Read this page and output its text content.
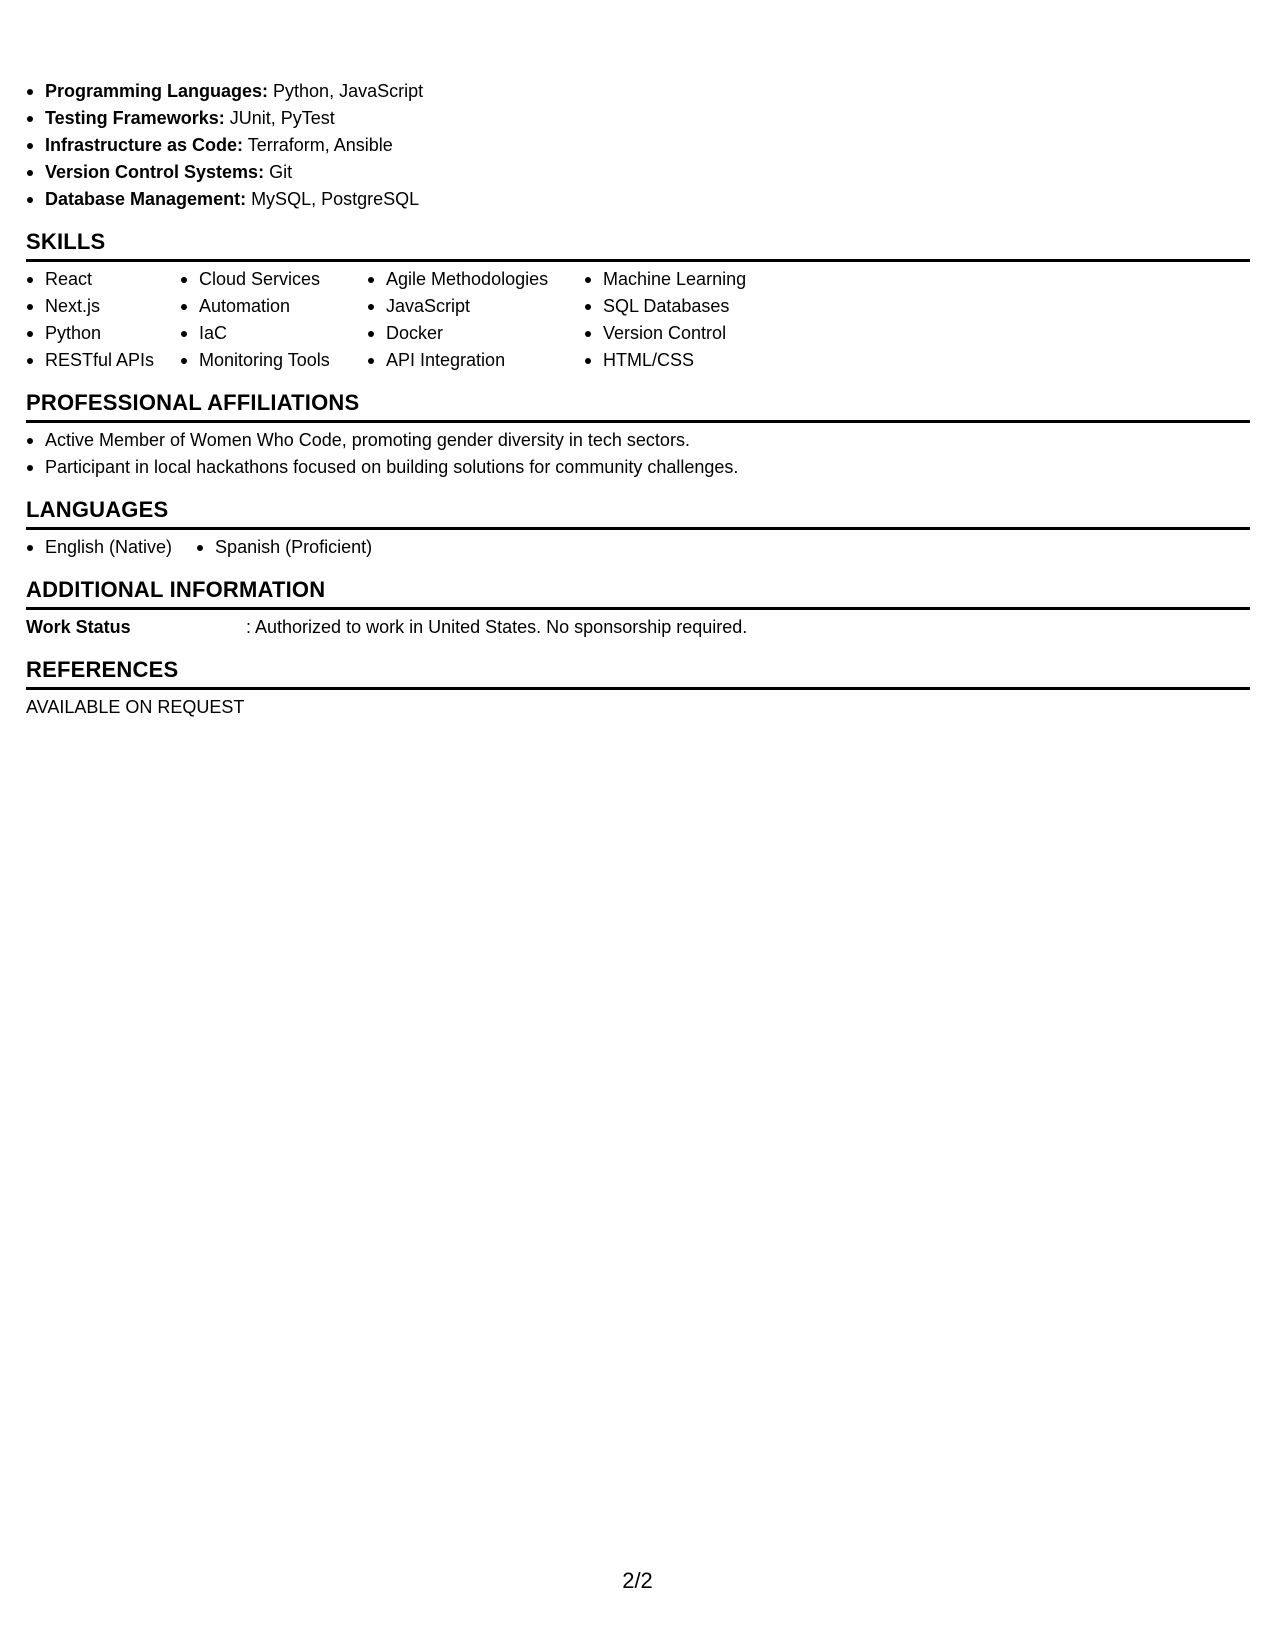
Programming Languages: Python, JavaScript
Testing Frameworks: JUnit, PyTest
Infrastructure as Code: Terraform, Ansible
Version Control Systems: Git
Database Management: MySQL, PostgreSQL
SKILLS
React
Next.js
Python
RESTful APIs
Cloud Services
Automation
IaC
Monitoring Tools
Agile Methodologies
JavaScript
Docker
API Integration
Machine Learning
SQL Databases
Version Control
HTML/CSS
PROFESSIONAL AFFILIATIONS
Active Member of Women Who Code, promoting gender diversity in tech sectors.
Participant in local hackathons focused on building solutions for community challenges.
LANGUAGES
English (Native)	Spanish (Proficient)
ADDITIONAL INFORMATION
Work Status	: Authorized to work in United States. No sponsorship required.
REFERENCES
AVAILABLE ON REQUEST
2/2
